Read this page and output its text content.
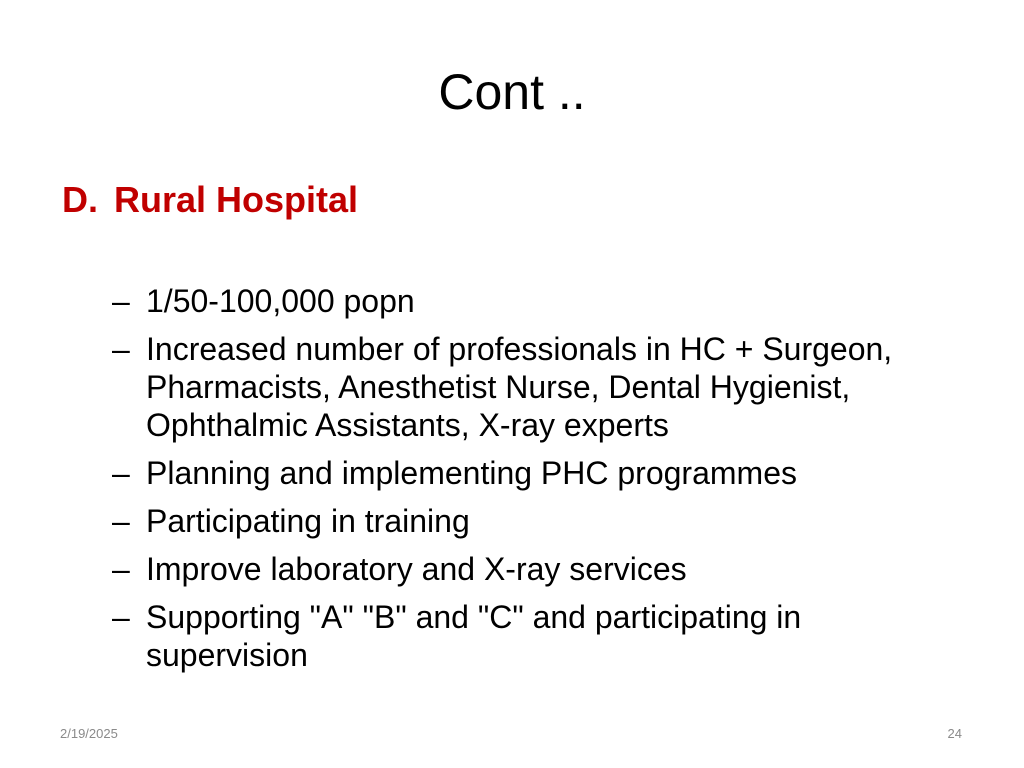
Cont ..
D. Rural Hospital
– 1/50-100,000 popn
– Increased number of professionals in HC + Surgeon, Pharmacists, Anesthetist Nurse, Dental Hygienist, Ophthalmic Assistants, X-ray experts
– Planning and implementing PHC programmes
– Participating in training
– Improve laboratory and X-ray services
– Supporting "A" "B" and "C" and participating in supervision
2/19/2025	24
